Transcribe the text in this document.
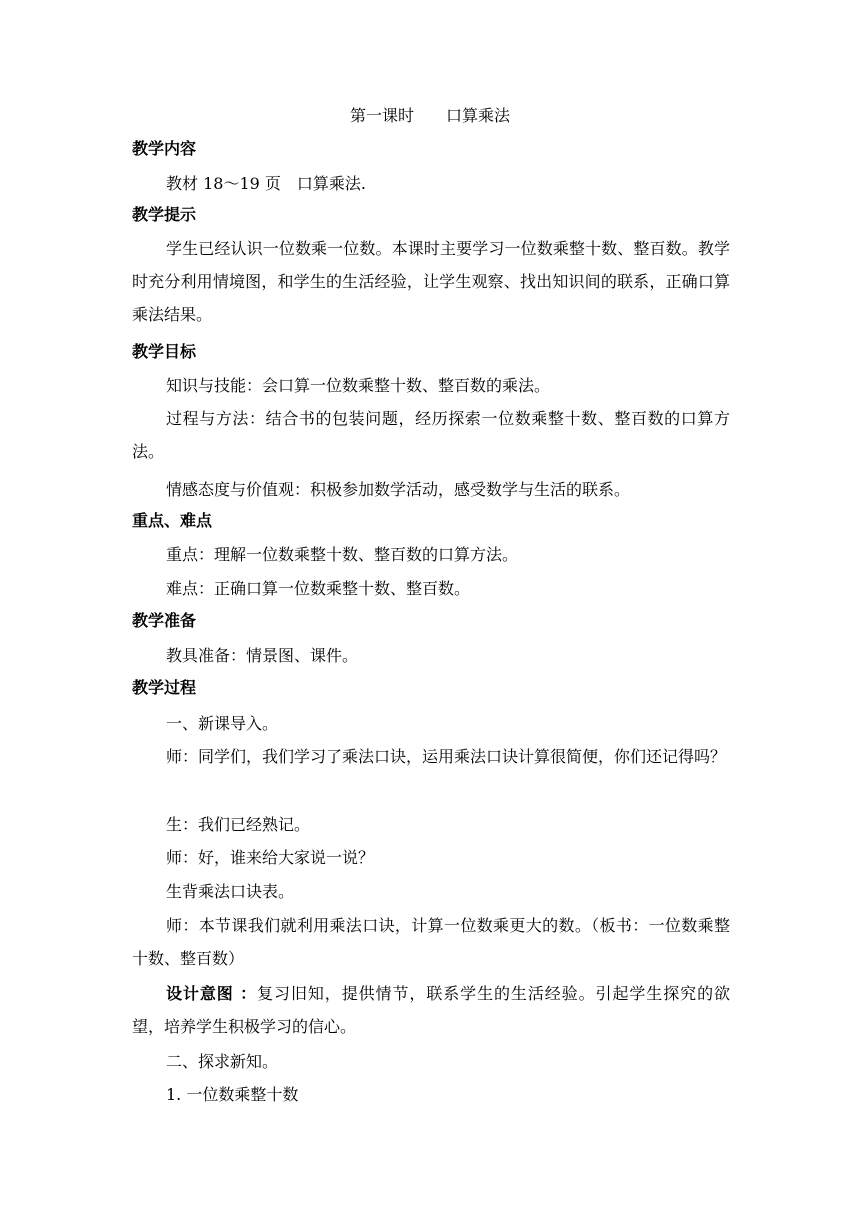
第一课时　　口算乘法
教学内容
教材 18～19 页　口算乘法.
教学提示
学生已经认识一位数乘一位数。本课时主要学习一位数乘整十数、整百数。教学时充分利用情境图，和学生的生活经验，让学生观察、找出知识间的联系，正确口算乘法结果。
教学目标
知识与技能：会口算一位数乘整十数、整百数的乘法。
过程与方法：结合书的包装问题，经历探索一位数乘整十数、整百数的口算方法。
情感态度与价值观：积极参加数学活动，感受数学与生活的联系。
重点、难点
重点：理解一位数乘整十数、整百数的口算方法。
难点：正确口算一位数乘整十数、整百数。
教学准备
教具准备：情景图、课件。
教学过程
一、新课导入。
师：同学们，我们学习了乘法口诀，运用乘法口诀计算很简便，你们还记得吗？
生：我们已经熟记。
师：好，谁来给大家说一说？
生背乘法口诀表。
师：本节课我们就利用乘法口诀，计算一位数乘更大的数。（板书：一位数乘整十数、整百数）
设计意图 ：复习旧知，提供情节，联系学生的生活经验。引起学生探究的欲望，培养学生积极学习的信心。
二、探求新知。
1. 一位数乘整十数
